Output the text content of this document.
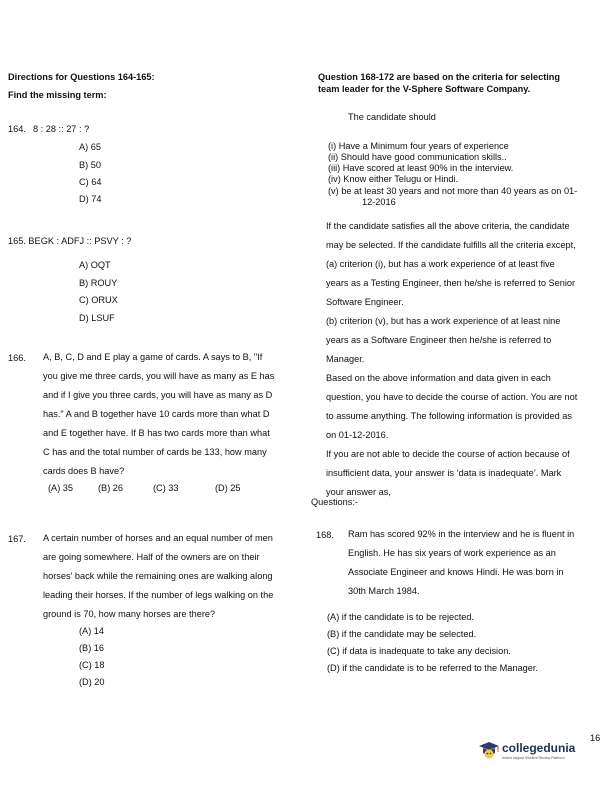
Directions for Questions 164-165:
Find the missing term:
164. 8 : 28 :: 27 : ?
A) 65
B) 50
C) 64
D) 74
165. BEGK : ADFJ :: PSVY : ?
A) OQT
B) ROUY
C) ORUX
D) LSUF
166. A, B, C, D and E play a game of cards. A says to B, "If
you give me three cards, you will have as many as E has
and if I give you three cards, you will have as many as D
has." A and B together have 10 cards more than what D
and E together have. If B has two cards more than what
C has and the total number of cards be 133, how many
cards does B have?
(A) 35	(B) 26	(C) 33	(D) 25
167. A certain number of horses and an equal number of men
are going somewhere. Half of the owners are on their
horses' back while the remaining ones are walking along
leading their horses. If the number of legs walking on the
ground is 70, how many horses are there?
(A) 14
(B) 16
(C) 18
(D) 20
Question 168-172 are based on the criteria for selecting
team leader for the V-Sphere Software Company.
The candidate should
(i) Have a Minimum four years of experience
(ii) Should have good communication skills..
(iii) Have scored at least 90% in the interview.
(iv) Know either Telugu or Hindi.
(v) be at least 30 years and not more than 40 years as on 01-
12-2016
If the candidate satisfies all the above criteria, the candidate
may be selected. If the candidate fulfills all the criteria except,
(a) criterion (i), but has a work experience of at least five
years as a Testing Engineer, then he/she is referred to Senior
Software Engineer.
(b) criterion (v), but has a work experience of at least nine
years as a Software Engineer then he/she is referred to
Manager.
Based on the above information and data given in each
question, you have to decide the course of action. You are not
to assume anything. The following information is provided as
on 01-12-2016.
If you are not able to decide the course of action because of
insufficient data, your answer is ‘data is inadequate’. Mark
your answer as,
Questions:-
168. Ram has scored 92% in the interview and he is fluent in
English. He has six years of work experience as an
Associate Engineer and knows Hindi. He was born in
30th March 1984.
(A) if the candidate is to be rejected.
(B) if the candidate may be selected.
(C) if data is inadequate to take any decision.
(D) if the candidate is to be referred to the Manager.
16
collegedunia
India's largest Student Review Platform
